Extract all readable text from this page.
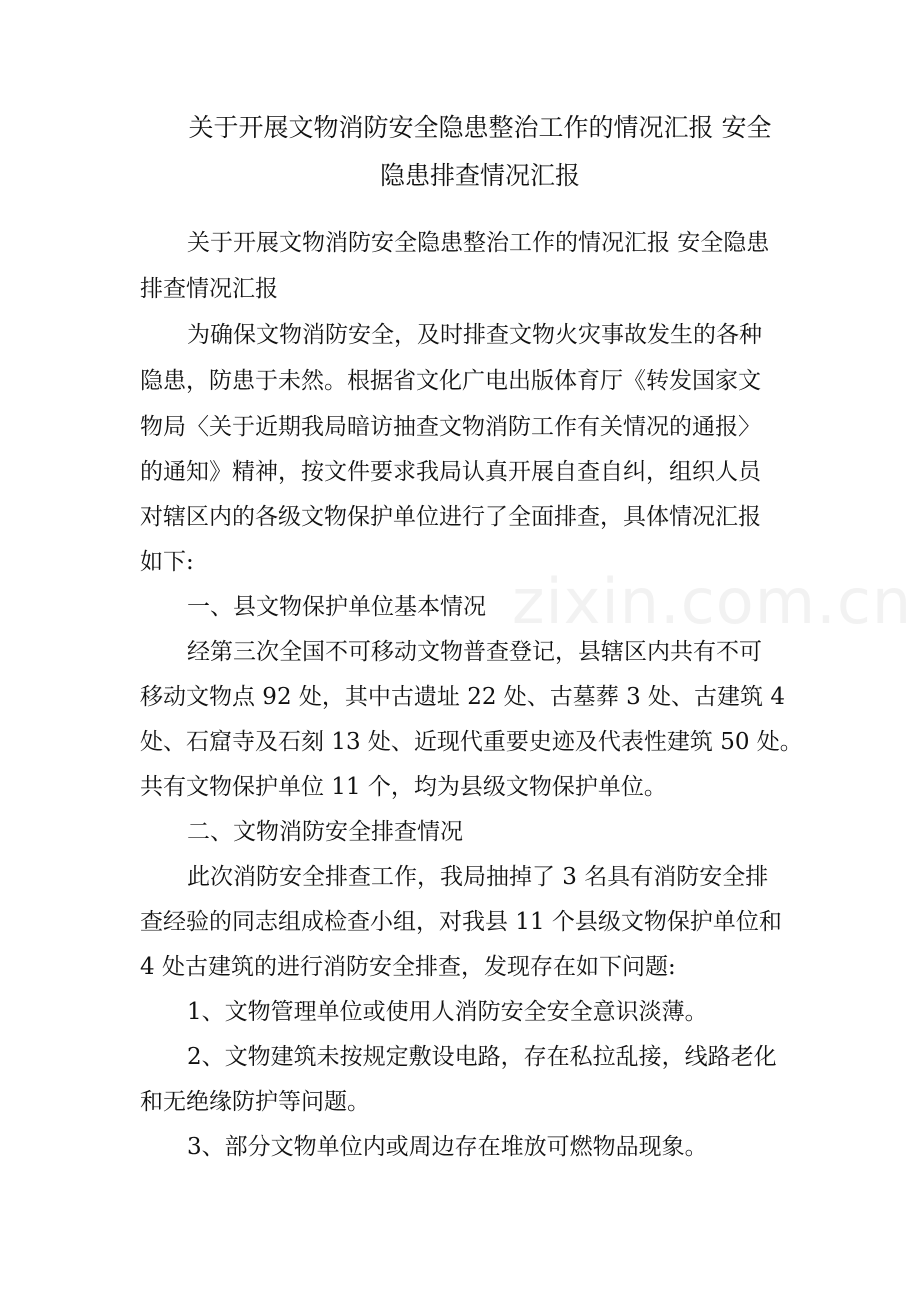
关于开展文物消防安全隐患整治工作的情况汇报 安全
隐患排查情况汇报

关于开展文物消防安全隐患整治工作的情况汇报 安全隐患

排查情况汇报

为确保文物消防安全，及时排查文物火灾事故发生的各种

隐患，防患于未然。根据省文化广电出版体育厅《转发国家文

物局〈关于近期我局暗访抽查文物消防工作有关情况的通报〉

的通知》精神，按文件要求我局认真开展自查自纠，组织人员

对辖区内的各级文物保护单位进行了全面排查，具体情况汇报

如下:

一、县文物保护单位基本情况

经第三次全国不可移动文物普查登记，县辖区内共有不可

移动文物点 92 处，其中古遗址 22 处、古墓葬 3 处、古建筑 4

处、石窟寺及石刻 13 处、近现代重要史迹及代表性建筑 50 处。

共有文物保护单位 11 个，均为县级文物保护单位。

二、文物消防安全排查情况

此次消防安全排查工作，我局抽掉了 3 名具有消防安全排

查经验的同志组成检查小组，对我县 11 个县级文物保护单位和

4 处古建筑的进行消防安全排查，发现存在如下问题:

1、文物管理单位或使用人消防安全安全意识淡薄。

2、文物建筑未按规定敷设电路，存在私拉乱接，线路老化

和无绝缘防护等问题。

3、部分文物单位内或周边存在堆放可燃物品现象。

zixin.com.cn
